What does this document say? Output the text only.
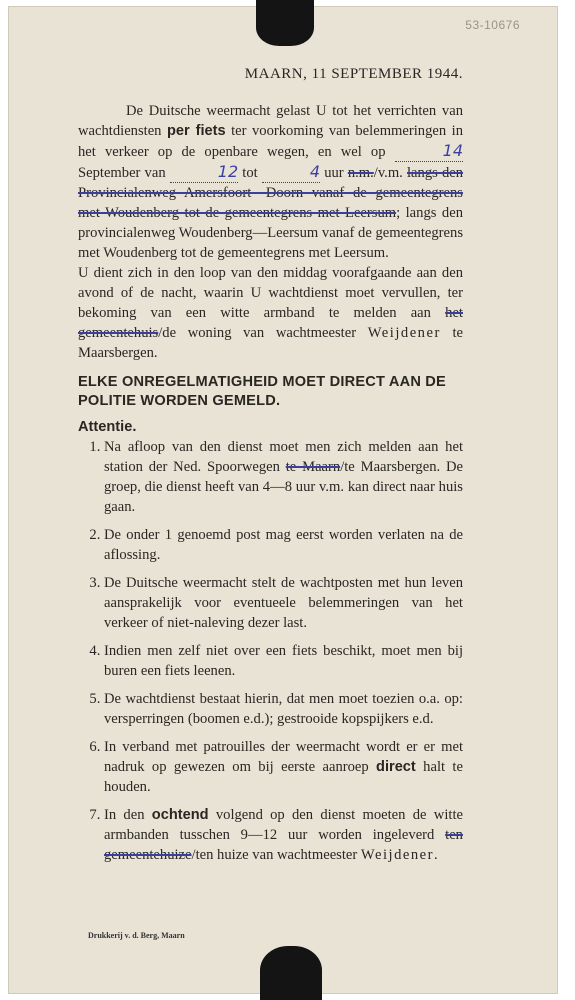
53-10676
MAARN, 11 SEPTEMBER 1944.

De Duitsche weermacht gelast U tot het verrichten van wachtdiensten per fiets ter voorkoming van belemmeringen in het verkeer op de openbare wegen, en wel op	14 September van	12 tot	4 uur n.m./v.m. langs den Provincialenweg Amersfoort—Doorn vanaf de gemeentegrens met Woudenberg tot de gemeentegrens met Leersum; langs den provincialenweg Woudenberg—Leersum vanaf de gemeentegrens met Woudenberg tot de gemeentegrens met Leersum.

U dient zich in den loop van den middag voorafgaande aan den avond of de nacht, waarin U wachtdienst moet vervullen, ter bekoming van een witte armband te melden aan het gemeentehuis/de woning van wachtmeester Weijdener te Maarsbergen.

ELKE ONREGELMATIGHEID MOET DIRECT AAN DE POLITIE WORDEN GEMELD.
Attentie.
1. Na afloop van den dienst moet men zich melden aan het station der Ned. Spoorwegen te Maarn/te Maarsbergen. De groep, die dienst heeft van 4—8 uur v.m. kan direct naar huis gaan.
2. De onder 1 genoemd post mag eerst worden verlaten na de aflossing.
3. De Duitsche weermacht stelt de wachtposten met hun leven aansprakelijk voor eventueele belemmeringen van het verkeer of niet-naleving dezer last.
4. Indien men zelf niet over een fiets beschikt, moet men bij buren een fiets leenen.
5. De wachtdienst bestaat hierin, dat men moet toezien o.a. op: versperringen (boomen e.d.); gestrooide kopspijkers e.d.
6. In verband met patrouilles der weermacht wordt er er met nadruk op gewezen om bij eerste aanroep direct halt te houden.
7. In den ochtend volgend op den dienst moeten de witte armbanden tusschen 9—12 uur worden ingeleverd ten gemeentehuize/ten huize van wachtmeester Weijdener.
Drukkerij v. d. Berg, Maarn
